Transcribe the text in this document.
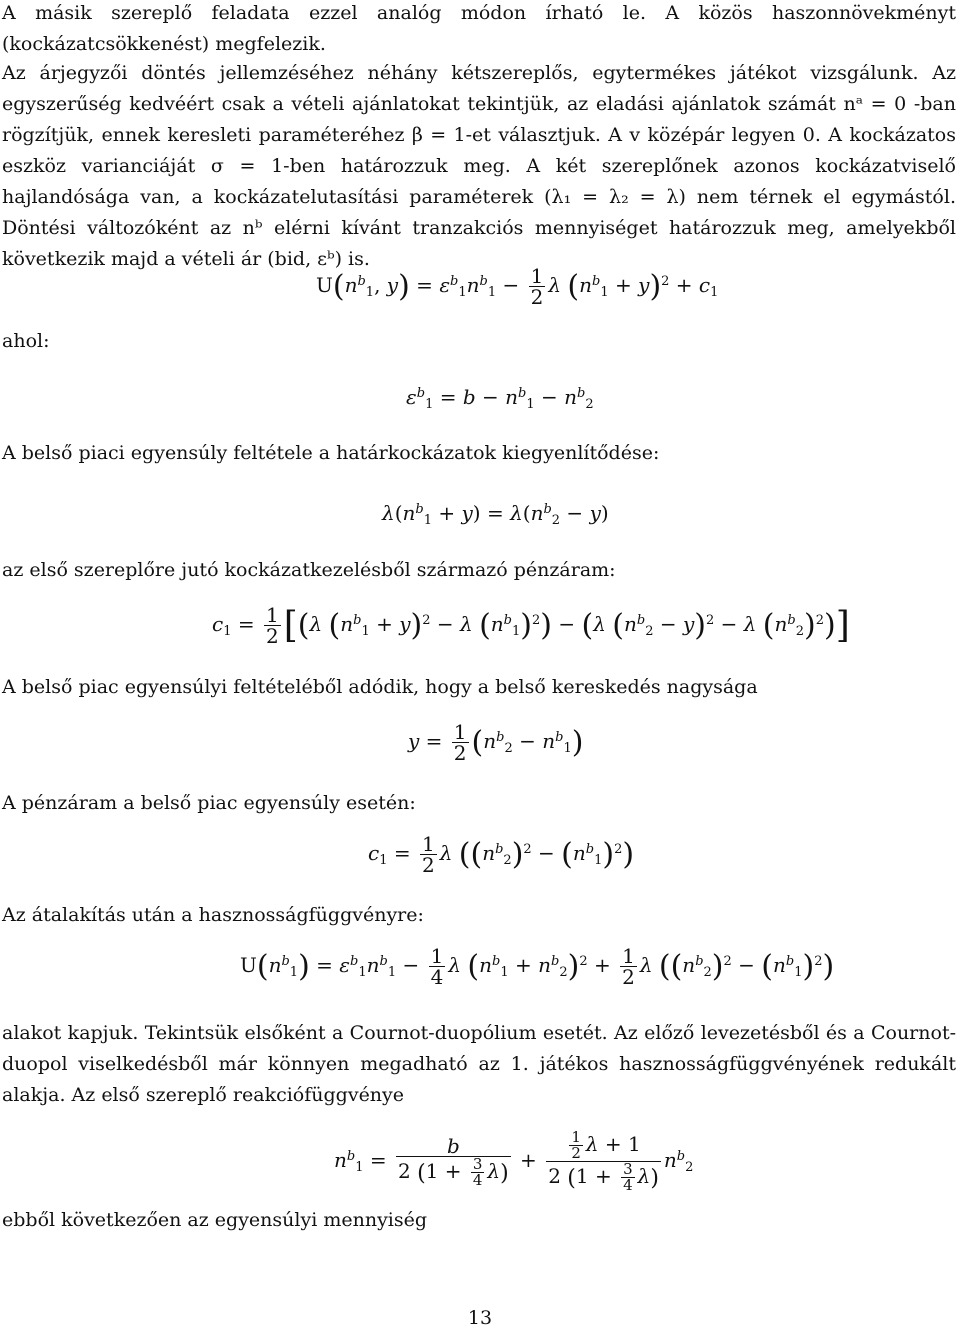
A másik szereplő feladata ezzel analóg módon írható le. A közös haszonnövekményt (kockázatcsökkenést) megfelezik.

Az árjegyzői döntés jellemzéséhez néhány kétszereplős, egytermékes játékot vizsgálunk. Az egyszerűség kedvéért csak a vételi ajánlatokat tekintjük, az eladási ajánlatok számát nᵃ = 0 -ban rögzítjük, ennek keresleti paraméteréhez β = 1-et választjuk. A v középár legyen 0. A kockázatos eszköz varianciáját σ = 1-ben határozzuk meg. A két szereplőnek azonos kockázatviselő hajlandósága van, a kockázatelutasítási paraméterek (λ₁ = λ₂ = λ) nem térnek el egymástól. Döntési változóként az nᵇ elérni kívánt tranzakciós mennyiséget határozzuk meg, amelyekből következik majd a vételi ár (bid, εᵇ) is.

$U(n^b_1$, $y) = \varepsilon^b_1n^b_1 - \frac{1}{2}$ λ $(n^b_1 + y)^2 + c_1$

ahol:

$\varepsilon^b_1 = b - n^b_1 - n^b_2$

A belső piaci egyensúly feltétele a határkockázatok kiegyenlítődése:

$\lambda(n^b_1 + y) = \lambda(n^b_2 - y)$

az első szereplőre jutó kockázatkezelésből származó pénzáram:

$c_1 = \frac{1}{2} [(\lambda$ $(n^b_1 + y)^2 - \lambda$ $(n^b_1)^2) - (\lambda$ $(n^b_2 - y)^2 - \lambda$ $(n^b_2)^2$)]

A belső piac egyensúlyi feltételéből adódik, hogy a belső kereskedés nagysága

$y = \frac{1}{2} (n^b_2 - n^b_1)$

A pénzáram a belső piac egyensúly esetén:

$c_1 = \frac{1}{2}$ λ $((n^b_2)^2 - (n^b_1)^2)$

Az átalakítás után a hasznosságfüggvényre:

$U(n^b_1) = \varepsilon^b_1n^b_1 - \frac{1}{4}$ λ $(n^b_1 + n^b_2)^2 + \frac{1}{2}$ λ $((n^b_2)^2 - (n^b_1)^2)$

alakot kapjuk. Tekintsük elsőként a Cournot-duopólium esetét. Az előző levezetésből és a Cournot-duopol viselkedésből már könnyen megadható az 1. játékos hasznosságfüggvényének redukált alakja. Az első szereplő reakciófüggvénye

$n^b_1 = \frac{b}{2 (1 + \frac{3}{4} \lambda)} + \frac{\frac{1}{2} \lambda + 1}{2 (1 + \frac{3}{4} \lambda)} n^b_2$

ebből következően az egyensúlyi mennyiség

13
